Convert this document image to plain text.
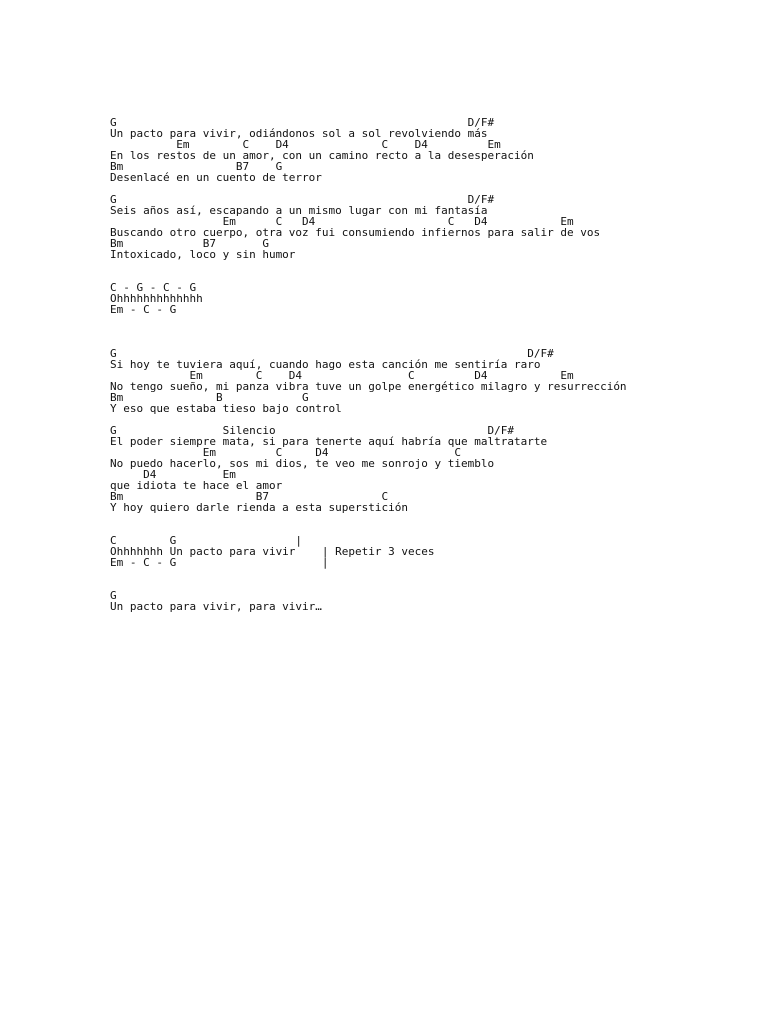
G                                                     D/F#
Un pacto para vivir, odiándonos sol a sol revolviendo más
Em        C    D4              C    D4         Em
En los restos de un amor, con un camino recto a la desesperación
Bm                 B7    G
Desenlacé en un cuento de terror
G                                                     D/F#
Seis años así, escapando a un mismo lugar con mi fantasía
Em      C   D4                    C   D4           Em
Buscando otro cuerpo, otra voz fui consumiendo infiernos para salir de vos
Bm            B7       G
Intoxicado, loco y sin humor
C - G - C - G
Ohhhhhhhhhhhhh
Em - C - G
G                                                              D/F#
Si hoy te tuviera aquí, cuando hago esta canción me sentiría raro
Em        C    D4                C         D4           Em
No tengo sueño, mi panza vibra tuve un golpe energético milagro y resurrección
Bm              B            G
Y eso que estaba tieso bajo control
G                Silencio                                D/F#
El poder siempre mata, si para tenertе aquí habría que maltratarte
Em         C     D4                   C
No puedo hacerlo, sos mi dios, te veo me sonrojo y tiemblo
D4          Em
que idiota te hace el amor
Bm                    B7                 C
Y hoy quiero darle rienda a esta superstición
C        G                  |
Ohhhhhhh Un pacto para vivir    | Repetir 3 veces
Em - C - G                      |
G
Un pacto para vivir, para vivir…
